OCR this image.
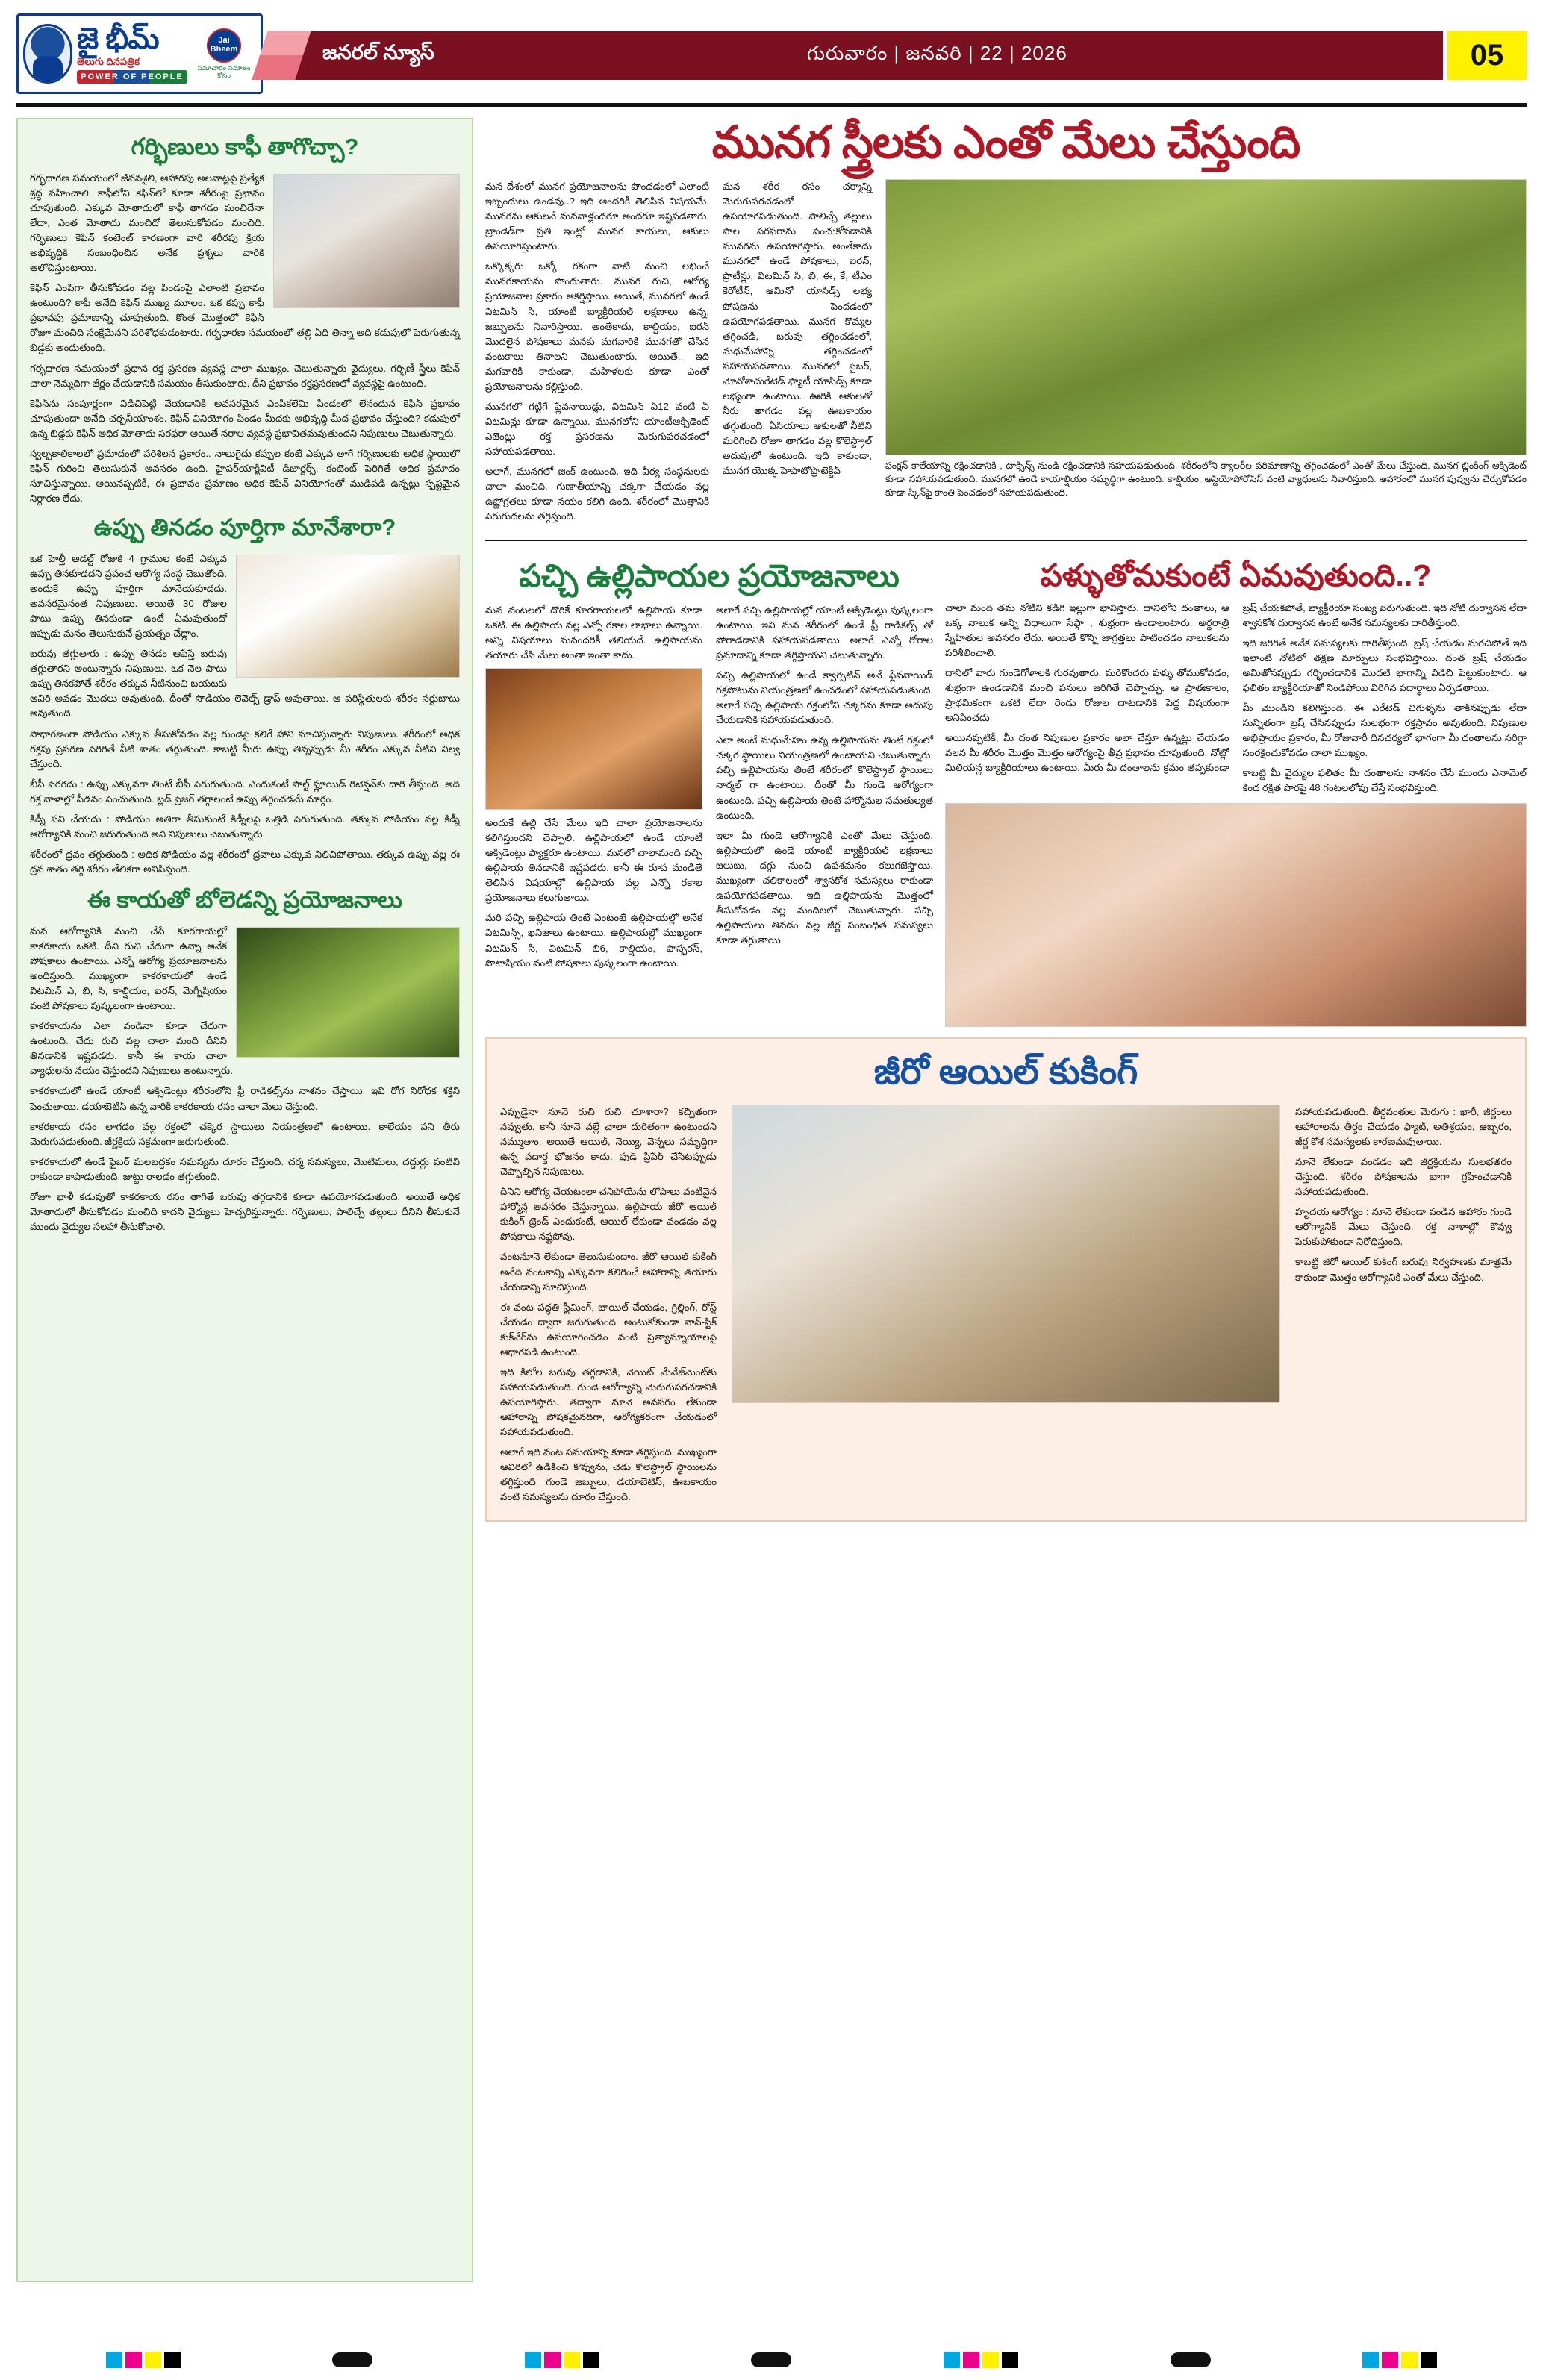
జై భీమ్
తెలుగు దినపత్రిక
POWER OF PEOPLE
Jai Bheem
సమాచారం సమాజం కోసం
జనరల్ న్యూస్	గురువారం | జనవరి | 22 | 2026	05
గర్భిణులు కాఫీ తాగొచ్చా?

గర్భధారణ సమయంలో జీవనశైలి, ఆహారపు అలవాట్లపై ప్రత్యేక శ్రద్ధ వహించాలి. కాఫీలోని కెఫిన్‌లో కూడా శరీరంపై ప్రభావం చూపుతుంది. ఎక్కువ మోతాదులో కాఫీ తాగడం మంచిదేనా లేదా, ఎంత మోతాదు మంచిదో తెలుసుకోవడం మంచిది. గర్భిణులు కెఫిన్ కంటెంట్ కారణంగా వారి శరీరపు క్రియ అభివృద్ధికి సంబంధించిన అనేక ప్రశ్నలు వారికి ఆలోచిస్తుంటాయి.

కెఫిన్ ఎంపిగా తీసుకోవడం వల్ల పిండంపై ఎలాంటి ప్రభావం ఉంటుంది? కాఫీ అనేది కెఫిన్ ముఖ్య మూలం. ఒక కప్పు కాఫీ ప్రభావపు ప్రమాణాన్ని చూపుతుంది. కొంత మొత్తంలో కెఫిన్ రోజూ మంచిది సంక్షేమేనని పరిశోధకుడంటారు. గర్భధారణ సమయంలో తల్లి ఏది తిన్నా అది కడుపులో పెరుగుతున్న బిడ్డకు అందుతుంది.

గర్భధారణ సమయంలో ప్రధాన రక్త ప్రసరణ వ్యవస్థ చాలా ముఖ్యం. చెబుతున్నారు వైద్యులు. గర్భిణీ స్త్రీలు కెఫిన్ చాలా నెమ్మదిగా జీర్ణం చేయడానికి సమయం తీసుకుంటారు. దీని ప్రభావం రక్తప్రసరణలో వ్యవస్థపై ఉంటుంది.

కెఫిన్‌ను సంపూర్ణంగా విడిచిపెట్టి వేయడానికి అవసరమైన ఎంపికలేమి పిండంలో లేనందున కెఫిన్ ప్రభావం చూపుతుందా అనేది చర్చనీయాంశం. కెఫిన్ వినియోగం పిండం మీదకు అభివృద్ధి మీద ప్రభావం చేస్తుంది? కడుపులో ఉన్న బిడ్డకు కెఫిన్ అధిక మోతాదు సరఫరా అయితే నరాల వ్యవస్థ ప్రభావితమవుతుందని నిపుణులు చెబుతున్నారు.

స్వల్పకాలికాలలో ప్రమాదంలో పరిశీలన ప్రకారం.. నాలుగైదు కప్పుల కంటే ఎక్కువ తాగే గర్భిణులకు అధిక స్థాయిలో కెఫిన్ గురించి తెలుసుకునే అవసరం ఉంది. హైపర్‌యాక్టివిటీ డిజార్డర్స్, కంటెంట్ పెరిగితే అధిక ప్రమాదం సూచిస్తున్నాయి. అయినప్పటికీ, ఈ ప్రభావం ప్రమాణం అధిక కెఫిన్ వినియోగంతో ముడిపడి ఉన్నట్లు స్పష్టమైన నిర్ధారణ లేదు.

ఉప్పు తినడం పూర్తిగా మానేశారా?

ఒక హెల్తీ అడల్ట్ రోజుకి 4 గ్రాముల కంటే ఎక్కువ ఉప్పు తినకూడదని ప్రపంచ ఆరోగ్య సంస్థ చెబుతోంది. అందుకే ఉప్పు పూర్తిగా మానేయకూడదు. అవసరమైనంత నిపుణులు. అయితే 30 రోజుల పాటు ఉప్పు తినకుండా ఉంటే ఏమవుతుందో ఇప్పుడు మనం తెలుసుకునే ప్రయత్నం చేద్దాం.

బరువు తగ్గుతారు : ఉప్పు తినడం ఆపేస్తే బరువు తగ్గుతారని అంటున్నారు నిపుణులు. ఒక నెల పాటు ఉప్పు తినకపోతే శరీరం తక్కువ నీటినుంచి బయటకు ఆవిరి అవడం మొదలు అవుతుంది. దీంతో సొడియం లెవెల్స్ డ్రాప్ అవుతాయి. ఆ పరిస్థితులకు శరీరం సర్దుబాటు అవుతుంది.

సాధారణంగా సోడియం ఎక్కువ తీసుకోవడం వల్ల గుండెపై కలిగే హాని సూచిస్తున్నారు నిపుణులు. శరీరంలో అధిక రక్తపు ప్రసరణ పెరిగితే నీటి శాతం తగ్గుతుంది. కాబట్టి మీరు ఉప్పు తిన్నప్పుడు మీ శరీరం ఎక్కువ నీటిని నిల్వ చేస్తుంది.

బీపీ పెరగదు : ఉప్పు ఎక్కువగా తింటే బీపీ పెరుగుతుంది. ఎందుకంటే సాల్ట్ ఫ్లూయిడ్ రిటెన్షన్‌కు దారి తీస్తుంది. అది రక్త నాళాల్లో పీడనం పెంచుతుంది. బ్లడ్ ప్రెజర్ తగ్గాలంటే ఉప్పు తగ్గించడమే మార్గం.

కిడ్నీ పని చేయదు : సోడియం అతిగా తీసుకుంటే కిడ్నీలపై ఒత్తిడి పెరుగుతుంది. తక్కువ సోడియం వల్ల కిడ్నీ ఆరోగ్యానికి మంచి జరుగుతుంది అని నిపుణులు చెబుతున్నారు.

శరీరంలో ద్రవం తగ్గుతుంది : అధిక సోడియం వల్ల శరీరంలో ద్రవాలు ఎక్కువ నిలిచిపోతాయి. తక్కువ ఉప్పు వల్ల ఈ ద్రవ శాతం తగ్గి శరీరం తేలికగా అనిపిస్తుంది.

ఈ కాయతో బోలెడన్ని ప్రయోజనాలు

మన ఆరోగ్యానికి మంచి చేసే కూరగాయల్లో కాకరకాయ ఒకటి. దీని రుచి చేదుగా ఉన్నా అనేక పోషకాలు ఉంటాయి. ఎన్నో ఆరోగ్య ప్రయోజనాలను అందిస్తుంది. ముఖ్యంగా కాకరకాయలో ఉండే విటమిన్ ఎ, బి, సి, కాల్షియం, ఐరన్, మెగ్నీషియం వంటి పోషకాలు పుష్కలంగా ఉంటాయి.

కాకరకాయను ఎలా వండినా కూడా చేదుగా ఉంటుంది. చేదు రుచి వల్ల చాలా మంది దీనిని తినడానికి ఇష్టపడరు. కానీ ఈ కాయ చాలా వ్యాధులను నయం చేస్తుందని నిపుణులు అంటున్నారు.

కాకరకాయలో ఉండే యాంటీ ఆక్సిడెంట్లు శరీరంలోని ఫ్రీ రాడికల్స్‌ను నాశనం చేస్తాయి. ఇవి రోగ నిరోధక శక్తిని పెంచుతాయి. డయాబెటిస్ ఉన్న వారికి కాకరకాయ రసం చాలా మేలు చేస్తుంది.

కాకరకాయ రసం తాగడం వల్ల రక్తంలో చక్కెర స్థాయిలు నియంత్రణలో ఉంటాయి. కాలేయం పని తీరు మెరుగుపడుతుంది. జీర్ణక్రియ సక్రమంగా జరుగుతుంది.

కాకరకాయలో ఉండే ఫైబర్ మలబద్ధకం సమస్యను దూరం చేస్తుంది. చర్మ సమస్యలు, మొటిమలు, దద్దుర్లు వంటివి రాకుండా కాపాడుతుంది. జుట్టు రాలడం తగ్గుతుంది.

రోజూ ఖాళీ కడుపుతో కాకరకాయ రసం తాగితే బరువు తగ్గడానికి కూడా ఉపయోగపడుతుంది. అయితే అధిక మోతాదులో తీసుకోవడం మంచిది కాదని వైద్యులు హెచ్చరిస్తున్నారు. గర్భిణులు, పాలిచ్చే తల్లులు దీనిని తీసుకునే ముందు వైద్యుల సలహా తీసుకోవాలి.

మునగ స్త్రీలకు ఎంతో మేలు చేస్తుంది

మన దేశంలో మునగ ప్రయోజనాలను పొందడంలో ఎలాంటి ఇబ్బందులు ఉండవు..? ఇది అందరికీ తెలిసిన విషయమే. మునగను ఆకులనే మనవాళ్లందరూ అందరూ ఇష్టపడతారు. బ్రాండెడ్‌గా ప్రతి ఇంట్లో మునగ కాయలు, ఆకులు ఉపయోగిస్తుంటారు.

ఒక్కొక్కరు ఒక్కో రకంగా వాటి నుంచి లభించే మునగకాయను పొందుతారు. మునగ రుచి, ఆరోగ్య ప్రయోజనాల ప్రకారం ఆకర్షిస్తాయి. అయితే, మునగలో ఉండే విటమిన్ సి, యాంటీ బ్యాక్టీరియల్ లక్షణాలు ఉన్న, జబ్బులను నివారిస్తాయి. అంతేకాదు, కాల్షియం, ఐరన్ మొదలైన పోషకాలు మనకు మగవారికి మునగతో చేసిన వంటకాలు తినాలని చెబుతుంటారు. అయితే.. ఇది మగవారికి కాకుండా, మహిళలకు కూడా ఎంతో ప్రయోజనాలను కల్గిస్తుంది.

మునగలో గట్టిగే ఫ్లేవనాయిడ్లు, విటమిన్ ఏ12 వంటి ఏ విటమిన్లు కూడా ఉన్నాయి. మునగలోని యాంటీఆక్సిడెంట్ ఎజెంట్లు రక్త ప్రసరణను మెరుగుపరచడంలో సహాయపడతాయి.

అలాగే, మునగలో జింక్ ఉంటుంది. ఇది వీర్య సంస్థనులకు చాలా మంచిది. గుణాతీయాన్ని చక్కగా చేయడం వల్ల ఉష్ణోగ్రతలు కూడా నయం కలిగి ఉంది. శరీరంలో మొత్తానికి పెరుగుదలను తగ్గిస్తుంది.

మన శరీర రసం చర్మాన్ని మెరుగుపరచడంలో ఉపయోగపడుతుంది. పాలిచ్చే తల్లులు పాల సరఫరాను పెంచుకోవడానికి మునగను ఉపయోగిస్తారు. అంతేకాదు మునగలో ఉండే పోషకాలు, ఐరన్, ప్రొటీన్లు, విటమిన్ సి, బి, ఈ, కే, టీఎం కెరోటీన్, ఆమినో యాసిడ్స్ లభ్య పోషణను పెందడంలో ఉపయోగపడతాయి. మునగ కొమ్మల తగ్గించడి, బరువు తగ్గించడంలో, మధుమేహాన్ని తగ్గించడంలో సహాయపడతాయి. మునగలో ఫైబర్, మోనోశాచురేటెడ్ ఫ్యాటీ యాసిడ్స్ కూడా లభ్యంగా ఉంటాయి. ఊరికి ఆకులతో నీరు తాగడం వల్ల ఊబకాయం తగ్గుతుంది. ఏసియాలు ఆకులతో నీటిని మరిగించి రోజూ తాగడం వల్ల కొలెస్ట్రాల్ అదుపులో ఉంటుంది. ఇది కాకుండా, మునగ యొక్క హెపాటోప్రొటెక్టివ్	ఫంక్షన్ కాలేయాన్ని రక్షించడానికి , టాక్సిన్స్ నుండి రక్షించడానికి సహాయపడుతుంది. శరీరంలోని క్యాలరీల పరిమాణాన్ని తగ్గించడంలో ఎంతో మేలు చేస్తుంది. మునగ బ్లింకింగ్ ఆక్సిడెంట్ కూడా సహాయపడుతుంది. మునగలో ఉండే కాయాల్షియం సమృద్ధిగా ఉంటుంది. కాల్షియం, ఆస్టియోపోరోసిస్ వంటి వ్యాధులను నివారిస్తుంది. ఆహారంలో మునగ పువ్వును చేర్చుకోవడం కూడా స్కిన్‌పై కాంతి పెంచడంలో సహాయపడుతుంది.
పచ్చి ఉల్లిపాయల ప్రయోజనాలు

మన వంటలలో దొరికే కూరగాయలలో ఉల్లిపాయ కూడా ఒకటి. ఈ ఉల్లిపాయ వల్ల ఎన్నో రకాల లాభాలు ఉన్నాయి. అన్ని విషయాలు మనందరికీ తెలియదే. ఉల్లిపాయను తయారు చేసి మేలు అంతా ఇంతా కాదు.

అందుకే ఉల్లి చేసే మేలు ఇది చాలా ప్రయోజనాలను కలిగిస్తుందని చెప్పాలి. ఉల్లిపాయలో ఉండే యాంటీ ఆక్సిడెంట్లు ఫ్యాక్టరూ ఉంటాయి. మనలో చాలామంది పచ్చి ఉల్లిపాయ తినడానికి ఇష్టపడరు. కానీ ఈ రూప మండితే తెలిసిన విషయాల్లో ఉల్లిపాయ వల్ల ఎన్నో రకాల ప్రయోజనాలు కలుగుతాయి.

మరి పచ్చి ఉల్లిపాయ తింటే ఏంటంటే ఉల్లిపాయల్లో అనేక విటమిన్స్, ఖనిజాలు ఉంటాయి. ఉల్లిపాయల్లో ముఖ్యంగా విటమిన్ సి, విటమిన్ బి6, కాల్షియం, ఫాస్ఫరస్, పొటాషియం వంటి పోషకాలు పుష్కలంగా ఉంటాయి.

అలాగే పచ్చి ఉల్లిపాయల్లో యాంటీ ఆక్సిడెంట్లు పుష్కలంగా ఉంటాయి. ఇవి మన శరీరంలో ఉండే ఫ్రీ రాడికల్స్ తో పోరాడడానికి సహాయపడతాయి. అలాగే ఎన్నో రోగాల ప్రమాదాన్ని కూడా తగ్గిస్తాయని చెబుతున్నారు.

పచ్చి ఉల్లిపాయలో ఉండే క్వార్సిటిన్ అనే ఫ్లేవనాయిడ్ రక్తపోటును నియంత్రణలో ఉంచడంలో సహాయపడుతుంది. అలాగే పచ్చి ఉల్లిపాయ రక్తంలోని చక్కెరను కూడా అదుపు చేయడానికి సహాయపడుతుంది.

ఎలా అంటే మధుమేహం ఉన్న ఉల్లిపాయను తింటే రక్తంలో చక్కెర స్థాయిలు నియంత్రణలో ఉంటాయని చెబుతున్నారు. పచ్చి ఉల్లిపాయను తింటే శరీరంలో కొలెస్ట్రాల్ స్థాయిలు నార్మల్ గా ఉంటాయి. దీంతో మీ గుండె ఆరోగ్యంగా ఉంటుంది. పచ్చి ఉల్లిపాయ తింటే హార్మోనుల సమతుల్యత ఉంటుంది.

ఇలా మీ గుండె ఆరోగ్యానికి ఎంతో మేలు చేస్తుంది. ఉల్లిపాయలో ఉండే యాంటీ బ్యాక్టీరియల్ లక్షణాలు జలుబు, దగ్గు నుంచి ఉపశమనం కలుగజేస్తాయి. ముఖ్యంగా చలికాలంలో శ్వాసకోశ సమస్యలు రాకుండా ఉపయోగపడతాయి. ఇది ఉల్లిపాయను మొత్తంలో తీసుకోవడం వల్ల మందిలలో చెబుతున్నారు. పచ్చి ఉల్లిపాయలు తినడం వల్ల జీర్ణ సంబంధిత సమస్యలు కూడా తగ్గుతాయి.

పళ్ళుతోమకుంటే ఏమవుతుంది..?

చాలా మంది తమ నోటిని కడిగి ఇల్లుగా భావిస్తారు. దానిలోని దంతాలు, ఆ ఒక్క నాలుక అన్ని విధాలుగా సేఫ్గా , శుభ్రంగా ఉండాలంటారు. అర్ధరాత్రి స్నేహితుల అవసరం లేదు. అయితే కొన్ని జాగ్రత్తలు పాటించడం నాలుకలను పరిశీలించాలి.

దానిలో వారు గుండెగోళాలకి గురవుతారు. మరికొందరు పళ్ళు తోముకోవడం, శుభ్రంగా ఉండడానికి మంచి పనులు జరిగితే చెప్పొచ్చు. ఆ ప్రాతఃకాలం, ప్రాథమికంగా ఒకటి లేదా రెండు రోజుల దాటడానికి పెద్ద విషయంగా అనిపించదు.

అయినప్పటికీ, మీ దంత నిపుణుల ప్రకారం అలా చేస్తూ ఉన్నట్లు చేయడం వలన మీ శరీరం మొత్తం మొత్తం ఆరోగ్యంపై తీవ్ర ప్రభావం చూపుతుంది. నోట్లో మిలియన్ల బ్యాక్టీరియాలు ఉంటాయి. మీరు మీ దంతాలను క్రమం తప్పకుండా బ్రష్ చేయకపోతే, బ్యాక్టీరియా సంఖ్య పెరుగుతుంది. ఇది నోటి దుర్వాసన లేదా శ్వాసకోశ దుర్వాసన ఉంటే అనేక సమస్యలకు దారితీస్తుంది.

ఇది జరిగితే అనేక సమస్యలకు దారితీస్తుంది. బ్రష్ చేయడం మరచిపోతే ఇది ఇలాంటి నోటిలో తక్షణ మార్పులు సంభవిస్తాయి. దంత బ్రష్ చేయడం అమితోనప్పుడు గర్భించడానికి మొదటి భాగాన్ని విడిచి పెట్టుకుంటారు. ఆ ఫలితం బ్యాక్టీరియాతో నిండిపోయి విరిగిన పదార్థాలు ఏర్పడతాయి.

మీ మొండిని కలిగిస్తుంది. ఈ ఎరేటెడ్ చిగుళ్ళను తాకినప్పుడు లేదా సున్నితంగా బ్రష్ చేసినప్పుడు సులభంగా రక్తస్రావం అవుతుంది. నిపుణుల అభిప్రాయం ప్రకారం, మీ రోజువారీ దినచర్యలో భాగంగా మీ దంతాలను సరిగ్గా సంరక్షించుకోవడం చాలా ముఖ్యం.

కాబట్టి మీ వైద్యుల ఫలితం మీ దంతాలను నాశనం చేసే ముందు ఎనామెల్ కింద రక్షిత పొరపై 48 గంటలలోపు చేస్తే సంభవిస్తుంది.

జీరో ఆయిల్ కుకింగ్

ఎప్పుడైనా నూనె రుచి రుచి చూశారా? కచ్చితంగా నవ్వుతు. కానీ నూనె వల్లే చాలా దురితంగా ఉంటుందని నమ్ముతాం. అయితే ఆయిల్, నెయ్యి, వెన్నలు సమృద్ధిగా ఉన్న పదార్థ భోజనం కాదు. ఫుడ్ ప్రిపేర్ చేసేటప్పుడు చెప్పాల్సిన నిపుణులు.

దీనిని ఆరోగ్య చేయటంలా చనిపోయేను లోపాలు వంటివైన హార్మోన్ల అవసరం చేస్తున్నాయి. ఉల్లిపాయ జీరో ఆయిల్ కుకింగ్ ట్రెండ్ ఎందుకంటే, ఆయిల్ లేకుండా వండడం వల్ల పోషకాలు నష్టపోవు.

వంటనూనె లేకుండా తెలుసుకుందాం. జీరో ఆయిల్ కుకింగ్ అనేది వంటకాన్ని ఎక్కువగా కలిగించే ఆహారాన్ని తయారు చేయడాన్ని సూచిస్తుంది.

ఈ వంట పద్ధతి స్టీమింగ్, బాయిల్ చేయడం, గ్రిల్లింగ్, రోస్ట్ చేయడం ద్వారా జరుగుతుంది. అంటుకోకుండా నాన్-స్టిక్ కుక్‌వేర్‌ను ఉపయోగించడం వంటి ప్రత్యామ్నాయాలపై ఆధారపడి ఉంటుంది.

ఇది కిలోల బరువు తగ్గడానికి, వెయిట్ మేనేజ్‌మెంట్‌కు సహాయపడుతుంది. గుండె ఆరోగ్యాన్ని మెరుగుపరచడానికి ఉపయోగిస్తారు. తద్వారా నూనె అవసరం లేకుండా ఆహారాన్ని పోషకమైనదిగా, ఆరోగ్యకరంగా చేయడంలో సహాయపడుతుంది.

అలాగే ఇది వంట సమయాన్ని కూడా తగ్గిస్తుంది. ముఖ్యంగా ఆవిరిలో ఉడికించి కొవ్వును, చెడు కొలెస్ట్రాల్ స్థాయిలను తగ్గిస్తుంది. గుండె జబ్బులు, డయాబెటిస్, ఊబకాయం వంటి సమస్యలను దూరం చేస్తుంది.

సహాయపడుతుంది. తీర్థవంతుల మెరుగు : ఖారీ, జీర్ణంలు ఆహారాలను తీర్థం చేయడం ఫ్యాట్, అతిశ్రయం, ఉబ్బరం, జీర్ణ కోశ సమస్యలకు కారణమవుతాయి.

నూనె లేకుండా వండడం ఇది జీర్ణక్రియను సులభతరం చేస్తుంది. శరీరం పోషకాలను బాగా గ్రహించడానికి సహాయపడుతుంది.

హృదయ ఆరోగ్యం : నూనె లేకుండా వండిన ఆహారం గుండె ఆరోగ్యానికి మేలు చేస్తుంది. రక్త నాళాల్లో కొవ్వు పేరుకుపోకుండా నిరోధిస్తుంది.

కాబట్టి జీరో ఆయిల్ కుకింగ్ బరువు నిర్వహణకు మాత్రమే కాకుండా మొత్తం ఆరోగ్యానికి ఎంతో మేలు చేస్తుంది.
